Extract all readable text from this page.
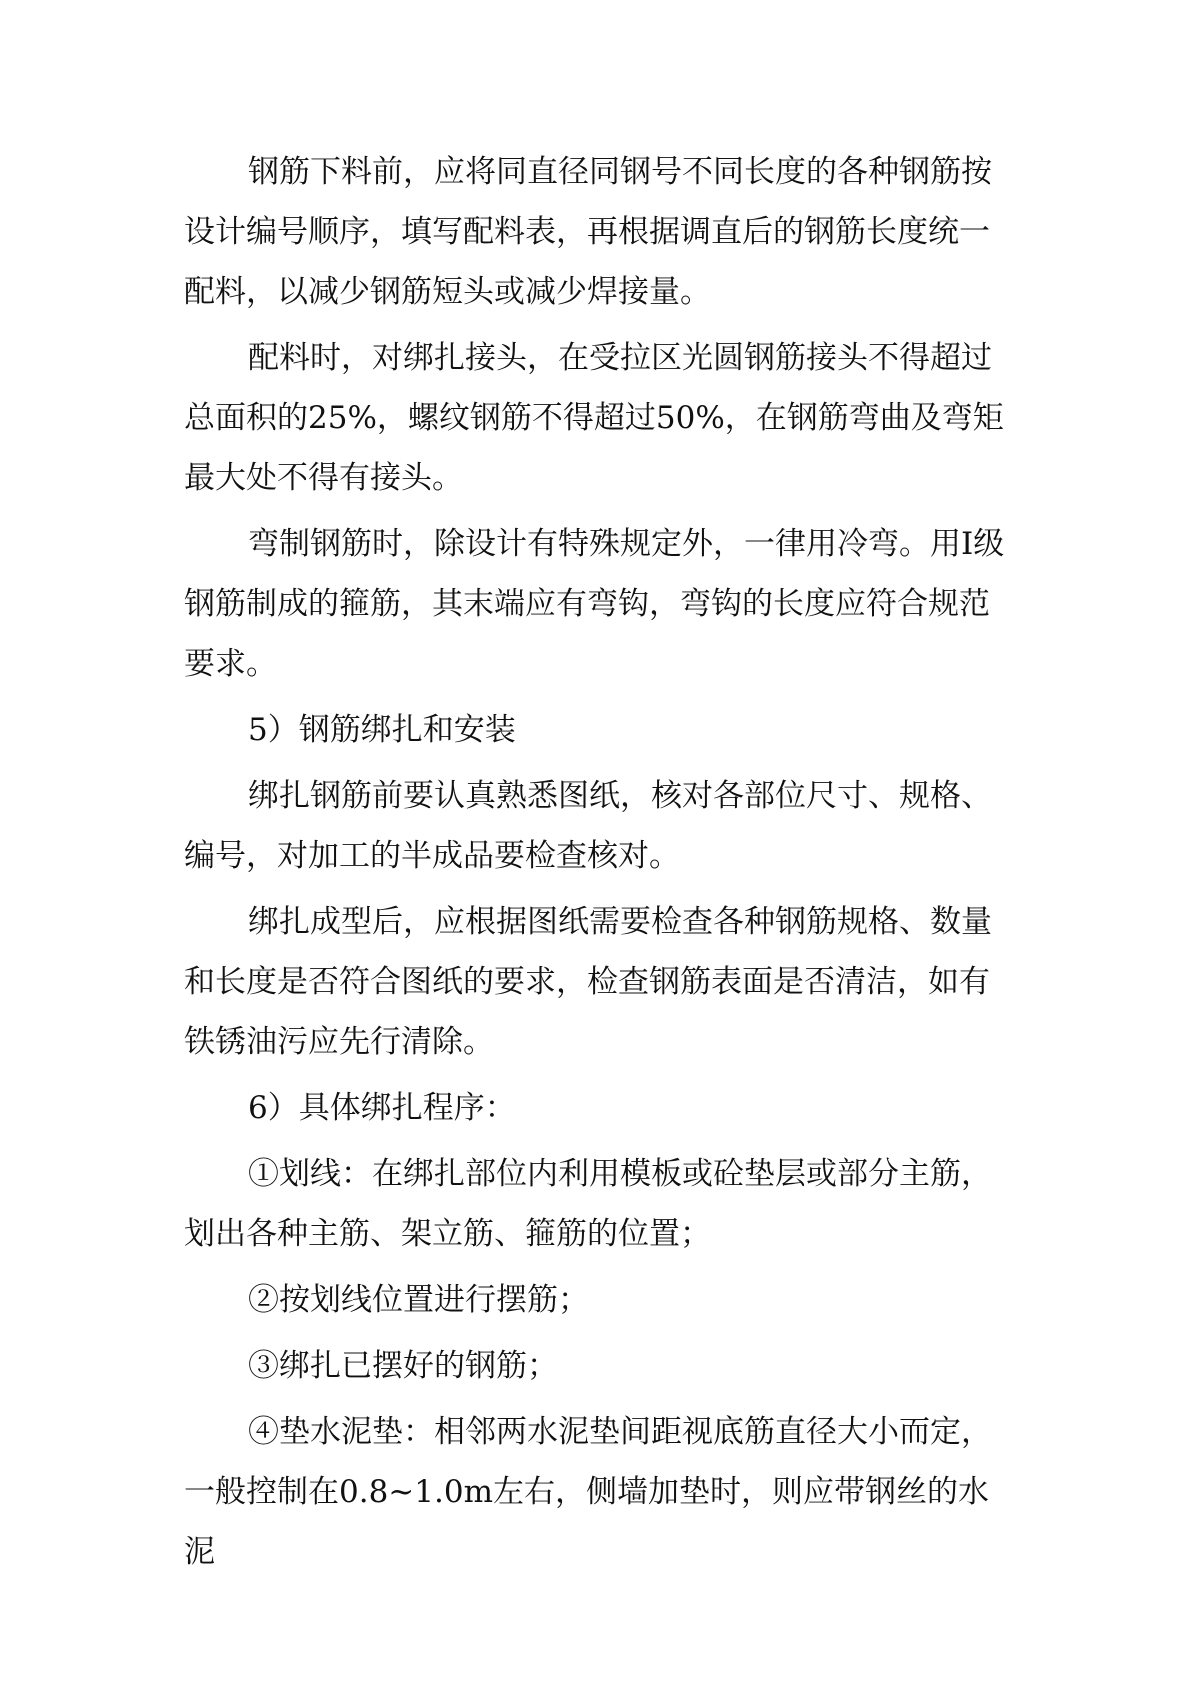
钢筋下料前，应将同直径同钢号不同长度的各种钢筋按设计编号顺序，填写配料表，再根据调直后的钢筋长度统一配料，以减少钢筋短头或减少焊接量。

配料时，对绑扎接头，在受拉区光圆钢筋接头不得超过总面积的25%，螺纹钢筋不得超过50%，在钢筋弯曲及弯矩最大处不得有接头。

弯制钢筋时，除设计有特殊规定外，一律用冷弯。用I级钢筋制成的箍筋，其末端应有弯钩，弯钩的长度应符合规范要求。

5）钢筋绑扎和安装

绑扎钢筋前要认真熟悉图纸，核对各部位尺寸、规格、编号，对加工的半成品要检查核对。

绑扎成型后，应根据图纸需要检查各种钢筋规格、数量和长度是否符合图纸的要求，检查钢筋表面是否清洁，如有铁锈油污应先行清除。

6）具体绑扎程序：

①划线：在绑扎部位内利用模板或砼垫层或部分主筋，划出各种主筋、架立筋、箍筋的位置；

②按划线位置进行摆筋；

③绑扎已摆好的钢筋；

④垫水泥垫：相邻两水泥垫间距视底筋直径大小而定，一般控制在0.8~1.0m左右，侧墙加垫时，则应带钢丝的水泥
